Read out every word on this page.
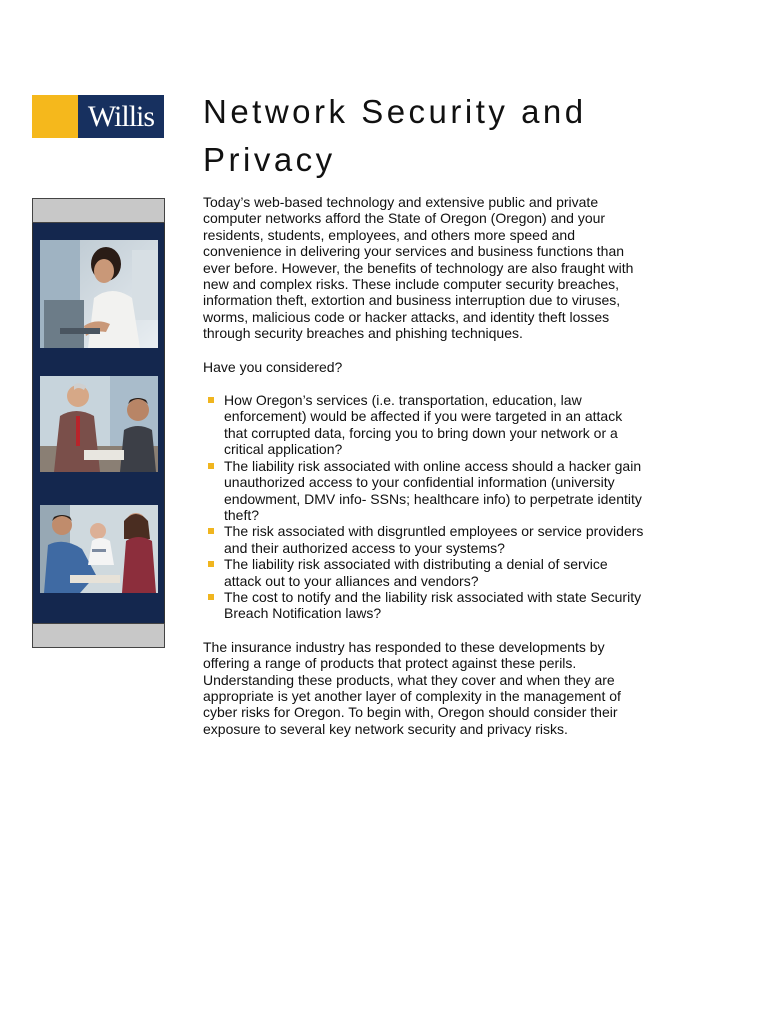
Willis Network Security and Privacy

Today’s web-based technology and extensive public and private computer networks afford the State of Oregon (Oregon) and your residents, students, employees, and others more speed and convenience in delivering your services and business functions than ever before. However, the benefits of technology are also fraught with new and complex risks. These include computer security breaches, information theft, extortion and business interruption due to viruses, worms, malicious code or hacker attacks, and identity theft losses through security breaches and phishing techniques.

Have you considered?

How Oregon’s services (i.e. transportation, education, law enforcement) would be affected if you were targeted in an attack that corrupted data, forcing you to bring down your network or a critical application?
The liability risk associated with online access should a hacker gain unauthorized access to your confidential information (university endowment, DMV info- SSNs; healthcare info) to perpetrate identity theft?
The risk associated with disgruntled employees or service providers and their authorized access to your systems?
The liability risk associated with distributing a denial of service attack out to your alliances and vendors?
The cost to notify and the liability risk associated with state Security Breach Notification laws?

The insurance industry has responded to these developments by offering a range of products that protect against these perils. Understanding these products, what they cover and when they are appropriate is yet another layer of complexity in the management of cyber risks for Oregon. To begin with, Oregon should consider their exposure to several key network security and privacy risks.
